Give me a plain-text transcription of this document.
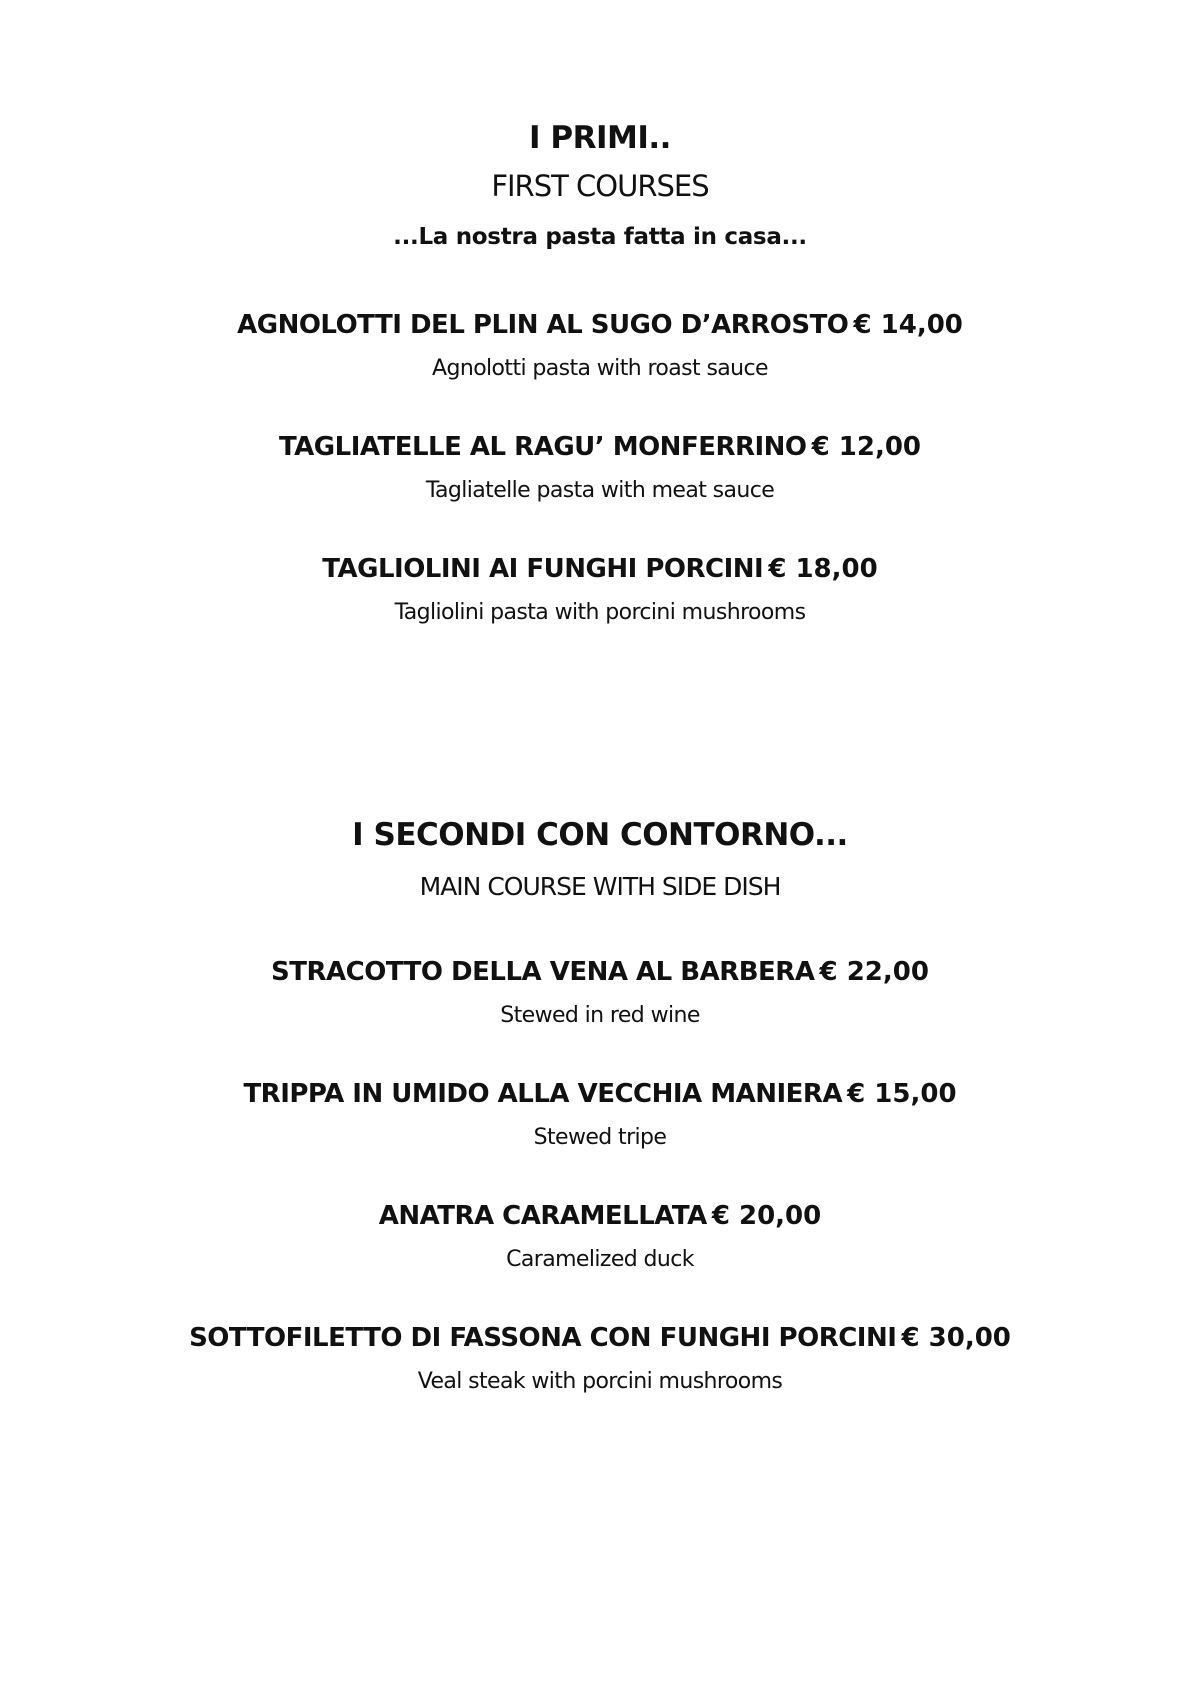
I PRIMI..
FIRST COURSES
...La nostra pasta fatta in casa...
AGNOLOTTI DEL PLIN AL SUGO D’ARROSTO € 14,00
Agnolotti pasta with roast sauce
TAGLIATELLE AL RAGU’ MONFERRINO € 12,00
Tagliatelle pasta with meat sauce
TAGLIOLINI AI FUNGHI PORCINI € 18,00
Tagliolini pasta with porcini mushrooms
I SECONDI CON CONTORNO...
MAIN COURSE WITH SIDE DISH
STRACOTTO DELLA VENA AL BARBERA € 22,00
Stewed in red wine
TRIPPA IN UMIDO ALLA VECCHIA MANIERA € 15,00
Stewed tripe
ANATRA CARAMELLATA € 20,00
Caramelized duck
SOTTOFILETTO DI FASSONA CON FUNGHI PORCINI € 30,00
Veal steak with porcini mushrooms
